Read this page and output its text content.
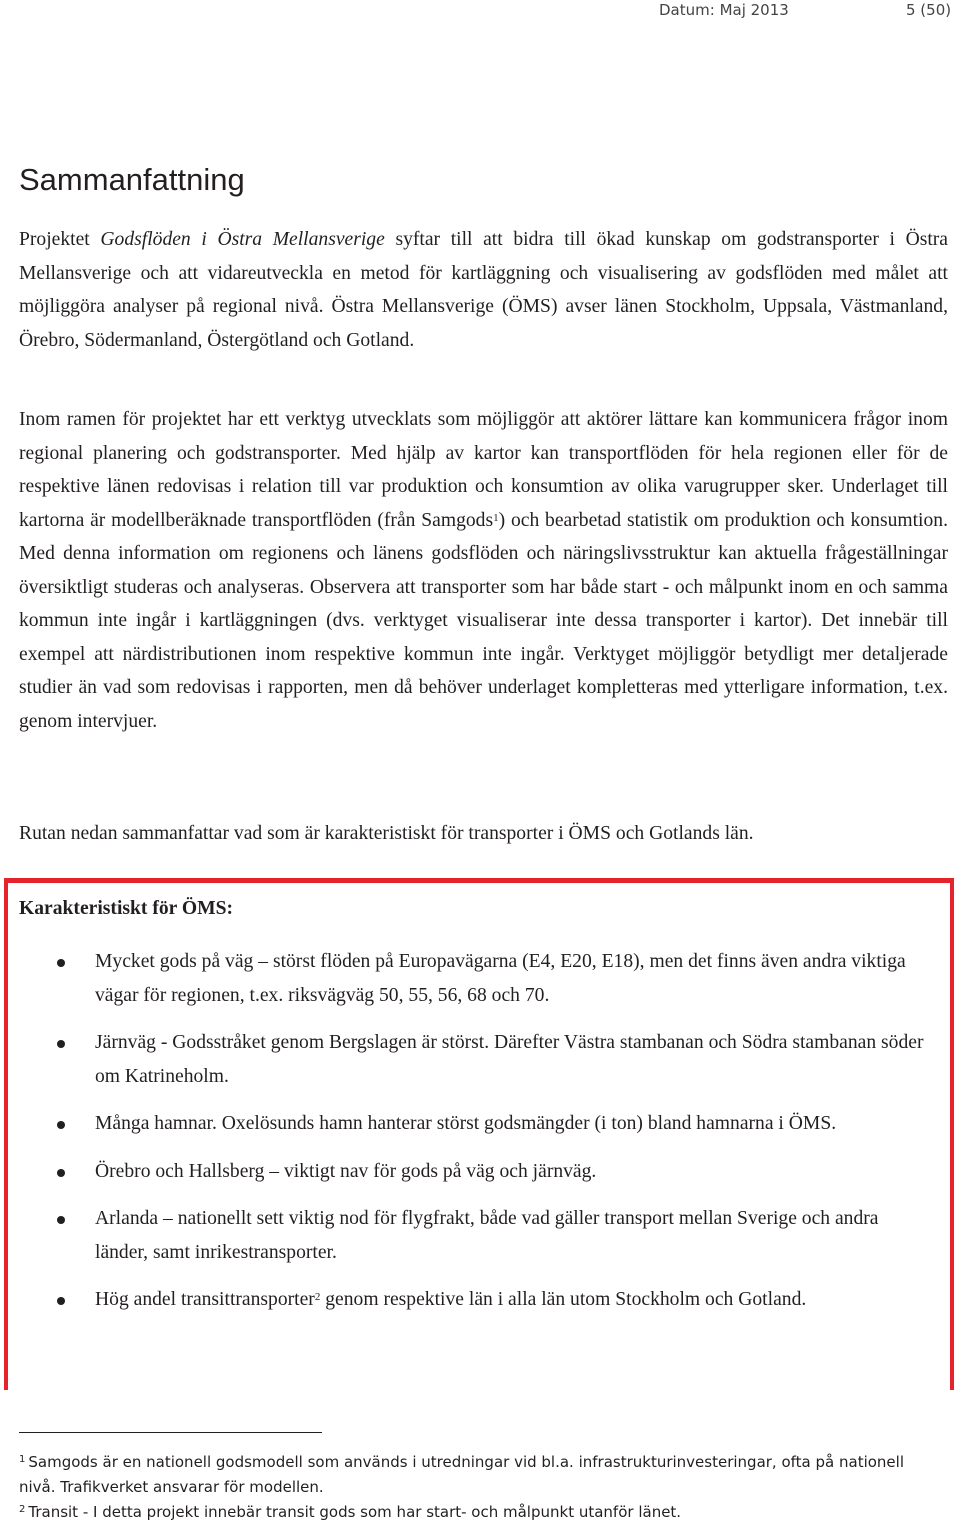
Datum: Maj 2013	5 (50)
Sammanfattning

Projektet Godsflöden i Östra Mellansverige syftar till att bidra till ökad kunskap om godstransporter i Östra Mellansverige och att vidareutveckla en metod för kartläggning och visualisering av godsflöden med målet att möjliggöra analyser på regional nivå. Östra Mellansverige (ÖMS) avser länen Stockholm, Uppsala, Västmanland, Örebro, Södermanland, Östergötland och Gotland.

Inom ramen för projektet har ett verktyg utvecklats som möjliggör att aktörer lättare kan kommunicera frågor inom regional planering och godstransporter. Med hjälp av kartor kan transportflöden för hela regionen eller för de respektive länen redovisas i relation till var produktion och konsumtion av olika varugrupper sker. Underlaget till kartorna är modellberäknade transportflöden (från Samgods$^1$) och bearbetad statistik om produktion och konsumtion. Med denna information om regionens och länens godsflöden och näringslivsstruktur kan aktuella frågeställningar översiktligt studeras och analyseras. Observera att transporter som har både start - och målpunkt inom en och samma kommun inte ingår i kartläggningen (dvs. verktyget visualiserar inte dessa transporter i kartor). Det innebär till exempel att närdistributionen inom respektive kommun inte ingår. Verktyget möjliggör betydligt mer detaljerade studier än vad som redovisas i rapporten, men då behöver underlaget kompletteras med ytterligare information, t.ex. genom intervjuer.

Rutan nedan sammanfattar vad som är karakteristiskt för transporter i ÖMS och Gotlands län.

Karakteristiskt för ÖMS:

Mycket gods på väg – störst flöden på Europavägarna (E4, E20, E18), men det finns även andra viktiga vägar för regionen, t.ex. riksvägväg 50, 55, 56, 68 och 70.
Järnväg - Godsstråket genom Bergslagen är störst. Därefter Västra stambanan och Södra stambanan söder om Katrineholm.
Många hamnar. Oxelösunds hamn hanterar störst godsmängder (i ton) bland hamnarna i ÖMS.
Örebro och Hallsberg – viktigt nav för gods på väg och järnväg.
Arlanda – nationellt sett viktig nod för flygfrakt, både vad gäller transport mellan Sverige och andra länder, samt inrikestransporter.
Hög andel transittransporter$^2$ genom respektive län i alla län utom Stockholm och Gotland.

$^1$ Samgods är en nationell godsmodell som används i utredningar vid bl.a. infrastrukturinvesteringar, ofta på nationell nivå. Trafikverket ansvarar för modellen.

$^2$ Transit - I detta projekt innebär transit gods som har start- och målpunkt utanför länet.
